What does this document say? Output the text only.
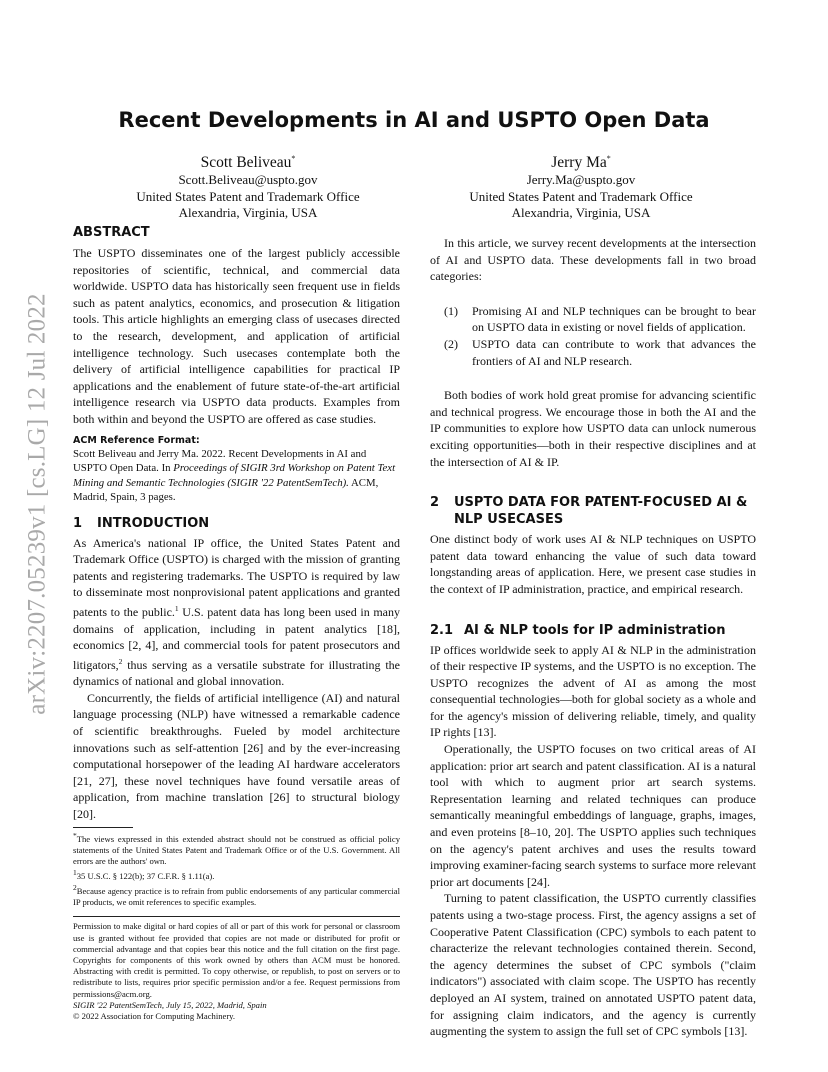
arXiv:2207.05239v1 [cs.LG] 12 Jul 2022
Recent Developments in AI and USPTO Open Data
Scott Beliveau*
Scott.Beliveau@uspto.gov
United States Patent and Trademark Office
Alexandria, Virginia, USA
Jerry Ma*
Jerry.Ma@uspto.gov
United States Patent and Trademark Office
Alexandria, Virginia, USA
ABSTRACT

The USPTO disseminates one of the largest publicly accessible repositories of scientific, technical, and commercial data worldwide. USPTO data has historically seen frequent use in fields such as patent analytics, economics, and prosecution & litigation tools. This article highlights an emerging class of usecases directed to the research, development, and application of artificial intelligence technology. Such usecases contemplate both the delivery of artificial intelligence capabilities for practical IP applications and the enablement of future state-of-the-art artificial intelligence research via USPTO data products. Examples from both within and beyond the USPTO are offered as case studies.

ACM Reference Format:
Scott Beliveau and Jerry Ma. 2022. Recent Developments in AI and USPTO Open Data. In Proceedings of SIGIR 3rd Workshop on Patent Text Mining and Semantic Technologies (SIGIR '22 PatentSemTech). ACM, Madrid, Spain, 3 pages.
1	INTRODUCTION

As America's national IP office, the United States Patent and Trademark Office (USPTO) is charged with the mission of granting patents and registering trademarks. The USPTO is required by law to disseminate most nonprovisional patent applications and granted patents to the public.$^1$ U.S. patent data has long been used in many domains of application, including in patent analytics [18], economics [2, 4], and commercial tools for patent prosecutors and litigators,$^2$ thus serving as a versatile substrate for illustrating the dynamics of national and global innovation.

Concurrently, the fields of artificial intelligence (AI) and natural language processing (NLP) have witnessed a remarkable cadence of scientific breakthroughs. Fueled by model architecture innovations such as self-attention [26] and by the ever-increasing computational horsepower of the leading AI hardware accelerators [21, 27], these novel techniques have found versatile areas of application, from machine translation [26] to structural biology [20].

*The views expressed in this extended abstract should not be construed as official policy statements of the United States Patent and Trademark Office or of the U.S. Government. All errors are the authors' own.

$^1$35 U.S.C. § 122(b); 37 C.F.R. § 1.11(a).

$^2$Because agency practice is to refrain from public endorsements of any particular commercial IP products, we omit references to specific examples.

Permission to make digital or hard copies of all or part of this work for personal or classroom use is granted without fee provided that copies are not made or distributed for profit or commercial advantage and that copies bear this notice and the full citation on the first page. Copyrights for components of this work owned by others than ACM must be honored. Abstracting with credit is permitted. To copy otherwise, or republish, to post on servers or to redistribute to lists, requires prior specific permission and/or a fee. Request permissions from permissions@acm.org.

SIGIR '22 PatentSemTech, July 15, 2022, Madrid, Spain

© 2022 Association for Computing Machinery.

In this article, we survey recent developments at the intersection of AI and USPTO data. These developments fall in two broad categories:

(1)	Promising AI and NLP techniques can be brought to bear on USPTO data in existing or novel fields of application.
(2)	USPTO data can contribute to work that advances the frontiers of AI and NLP research.

Both bodies of work hold great promise for advancing scientific and technical progress. We encourage those in both the AI and the IP communities to explore how USPTO data can unlock numerous exciting opportunities—both in their respective disciplines and at the intersection of AI & IP.

2	USPTO DATA FOR PATENT-FOCUSED AI & NLP USECASES

One distinct body of work uses AI & NLP techniques on USPTO patent data toward enhancing the value of such data toward longstanding areas of application. Here, we present case studies in the context of IP administration, practice, and empirical research.

2.1 AI & NLP tools for IP administration

IP offices worldwide seek to apply AI & NLP in the administration of their respective IP systems, and the USPTO is no exception. The USPTO recognizes the advent of AI as among the most consequential technologies—both for global society as a whole and for the agency's mission of delivering reliable, timely, and quality IP rights [13].

Operationally, the USPTO focuses on two critical areas of AI application: prior art search and patent classification. AI is a natural tool with which to augment prior art search systems. Representation learning and related techniques can produce semantically meaningful embeddings of language, graphs, images, and even proteins [8–10, 20]. The USPTO applies such techniques on the agency's patent archives and uses the results toward improving examiner-facing search systems to surface more relevant prior art documents [24].

Turning to patent classification, the USPTO currently classifies patents using a two-stage process. First, the agency assigns a set of Cooperative Patent Classification (CPC) symbols to each patent to characterize the relevant technologies contained therein. Second, the agency determines the subset of CPC symbols ("claim indicators") associated with claim scope. The USPTO has recently deployed an AI system, trained on annotated USPTO patent data, for assigning claim indicators, and the agency is currently augmenting the system to assign the full set of CPC symbols [13].
